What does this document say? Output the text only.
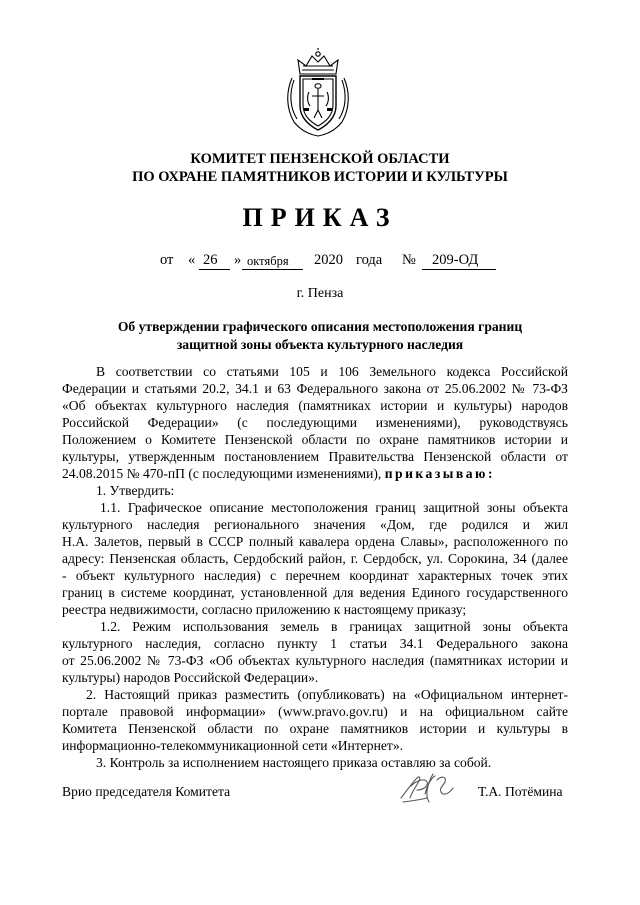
КОМИТЕТ ПЕНЗЕНСКОЙ ОБЛАСТИ
ПО ОХРАНЕ ПАМЯТНИКОВ ИСТОРИИ И КУЛЬТУРЫ
ПРИКАЗ
от « 26 » октября 2020 года № 209-ОД
г. Пенза
Об утверждении графического описания местоположения границ
защитной зоны объекта культурного наследия
В соответствии со статьями 105 и 106 Земельного кодекса Российской
Федерации и статьями 20.2, 34.1 и 63 Федерального закона от 25.06.2002 № 73-ФЗ
«Об объектах культурного наследия (памятниках истории и культуры) народов
Российской Федерации» (с последующими изменениями), руководствуясь
Положением о Комитете Пензенской области по охране памятников истории и
культуры, утвержденным постановлением Правительства Пензенской области от
24.08.2015 № 470-пП (с последующими изменениями), приказываю:
1. Утвердить:
1.1. Графическое описание местоположения границ защитной зоны объекта
культурного наследия регионального значения «Дом, где родился и жил
Н.А. Залетов, первый в СССР полный кавалера ордена Славы», расположенного по
адресу: Пензенская область, Сердобский район, г. Сердобск, ул. Сорокина, 34 (далее
- объект культурного наследия) с перечнем координат характерных точек этих
границ в системе координат, установленной для ведения Единого государственного
реестра недвижимости, согласно приложению к настоящему приказу;
1.2. Режим использования земель в границах защитной зоны объекта
культурного наследия, согласно пункту 1 статьи 34.1 Федерального закона
от 25.06.2002 № 73-ФЗ «Об объектах культурного наследия (памятниках истории и
культуры) народов Российской Федерации».
2. Настоящий приказ разместить (опубликовать) на «Официальном интернет-
портале правовой информации» (www.pravo.gov.ru) и на официальном сайте
Комитета Пензенской области по охране памятников истории и культуры в
информационно-телекоммуникационной сети «Интернет».
3. Контроль за исполнением настоящего приказа оставляю за собой.
Врио председателя Комитета	Т.А. Потёмина
